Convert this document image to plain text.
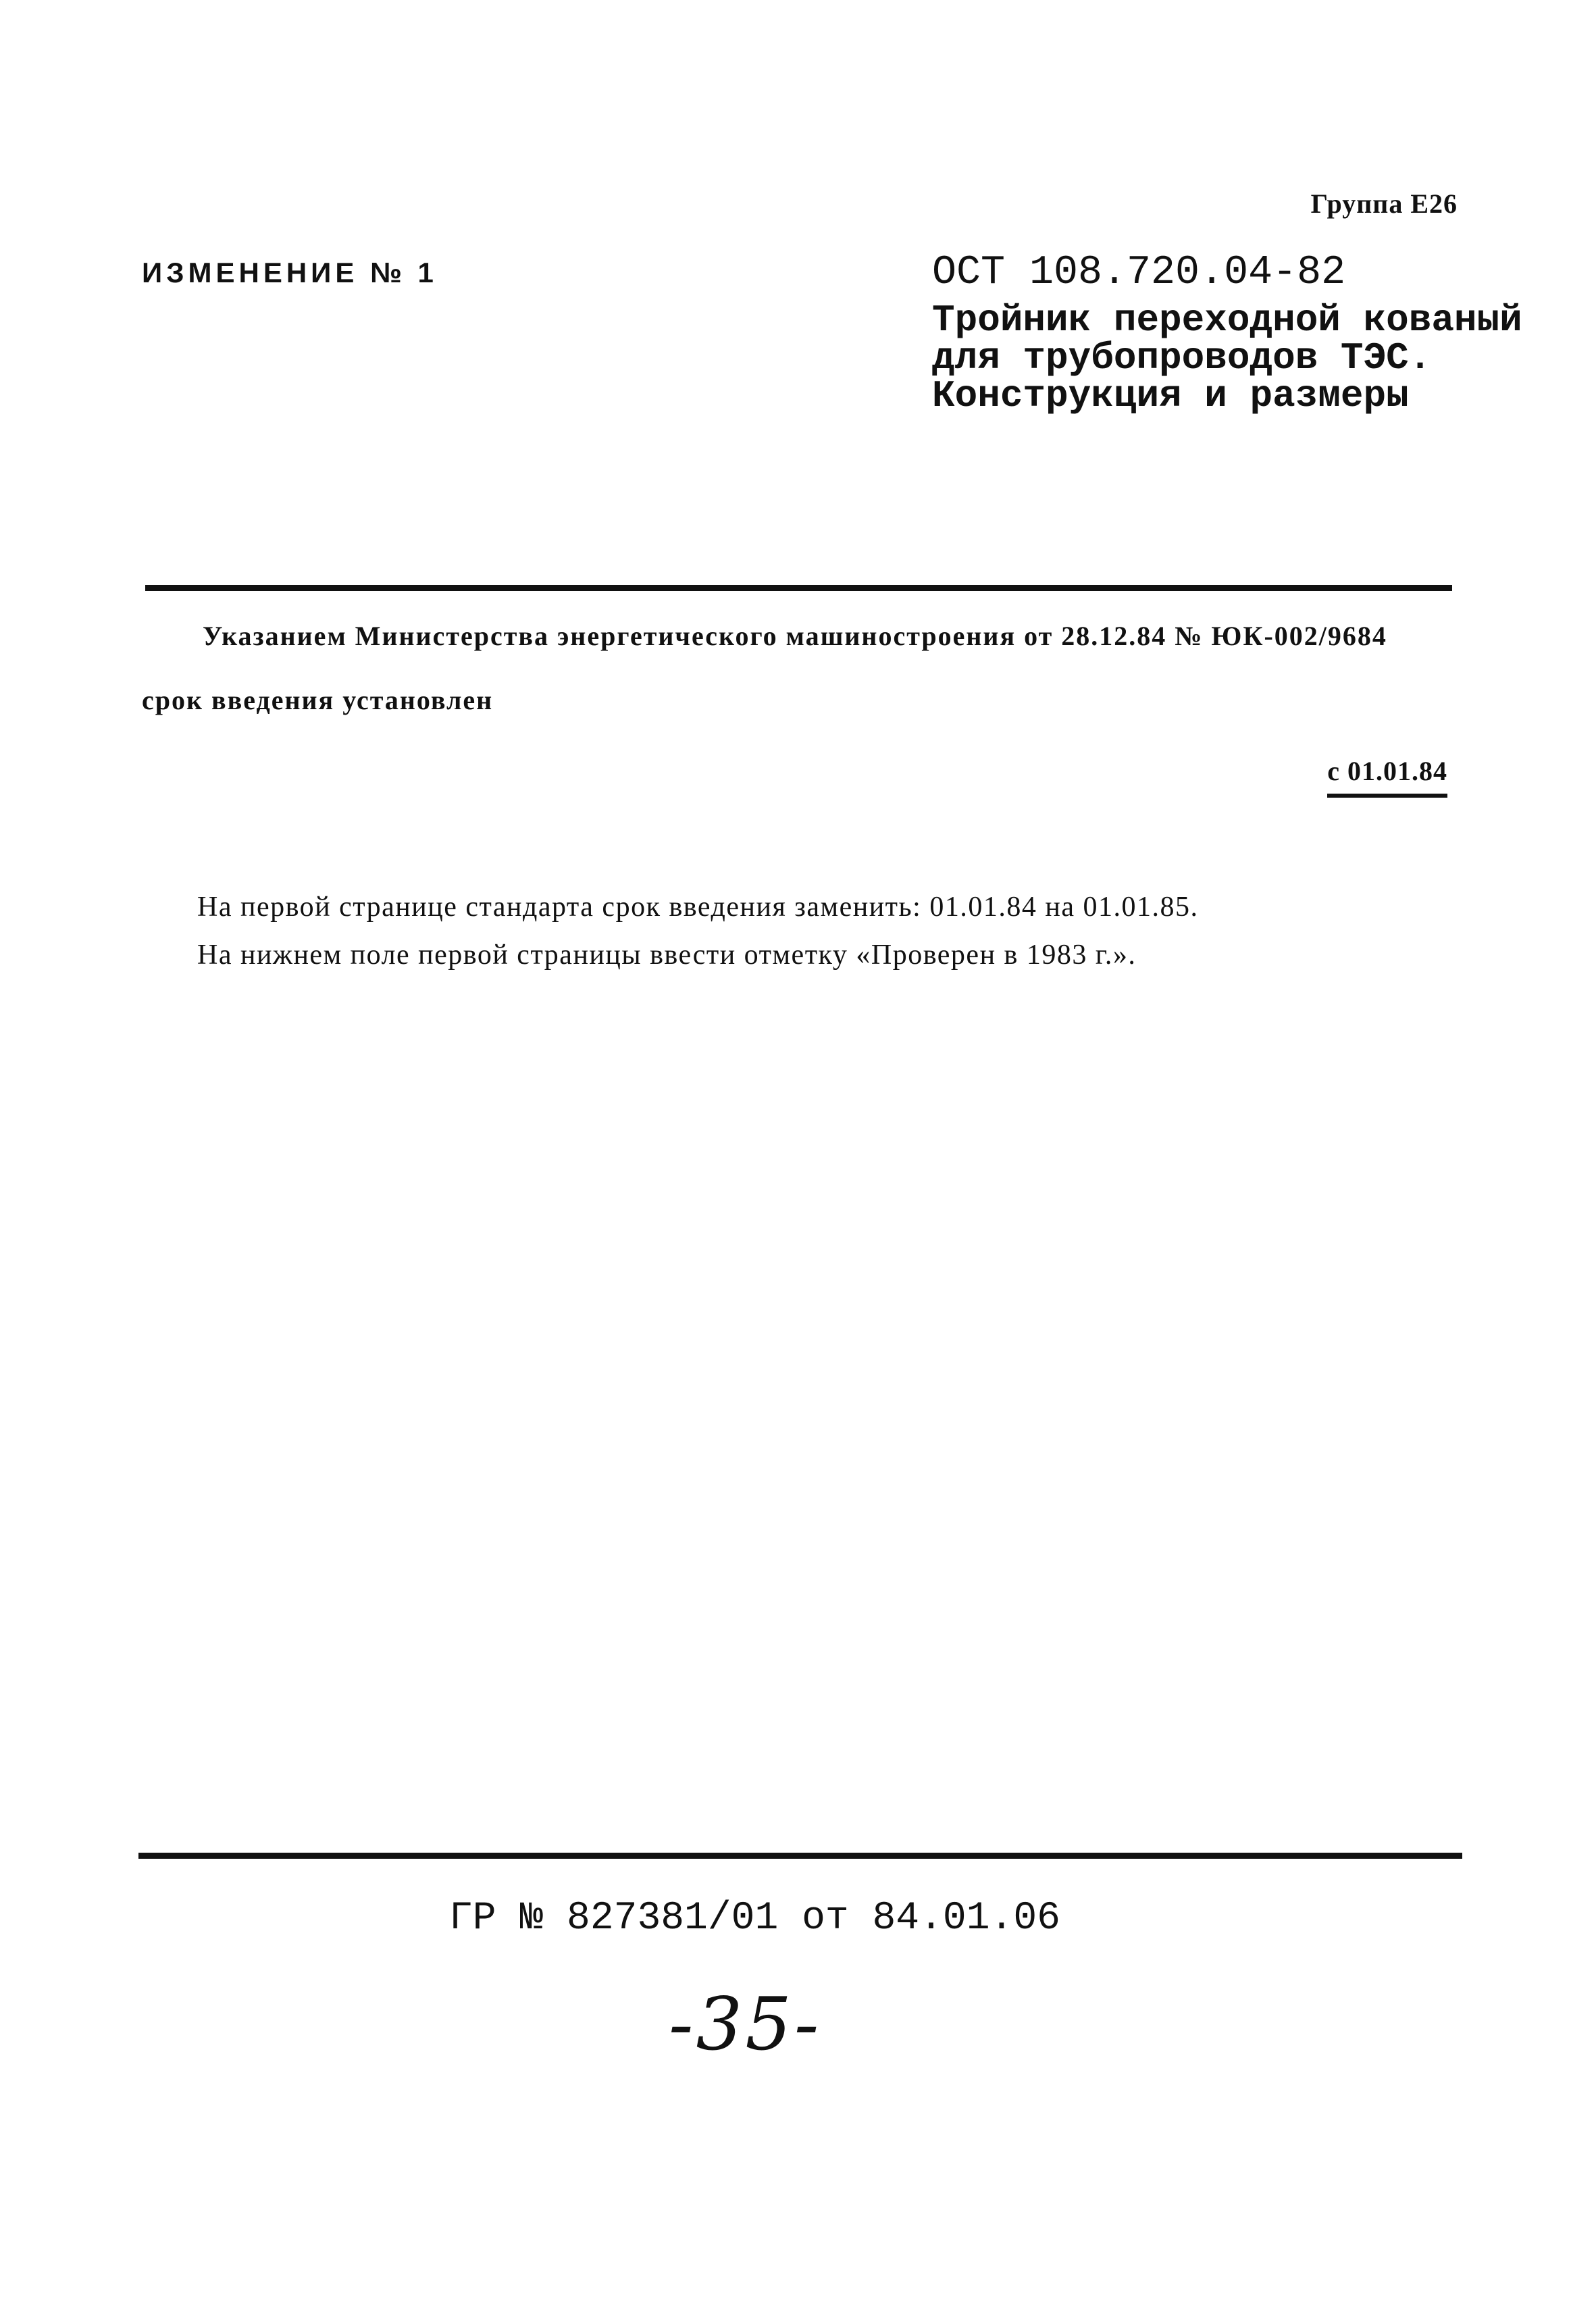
Группа Е26
ИЗМЕНЕНИЕ № 1	ОСТ 108.720.04-82
Тройник переходной кованый
для трубопроводов ТЭС.
Конструкция и размеры
Указанием Министерства энергетического машиностроения от 28.12.84 № ЮК-002/9684
срок введения установлен
с 01.01.84
На первой странице стандарта срок введения заменить: 01.01.84 на 01.01.85.
На нижнем поле первой страницы ввести отметку «Проверен в 1983 г.».
ГР № 827381/01 от 84.01.06
-35-
